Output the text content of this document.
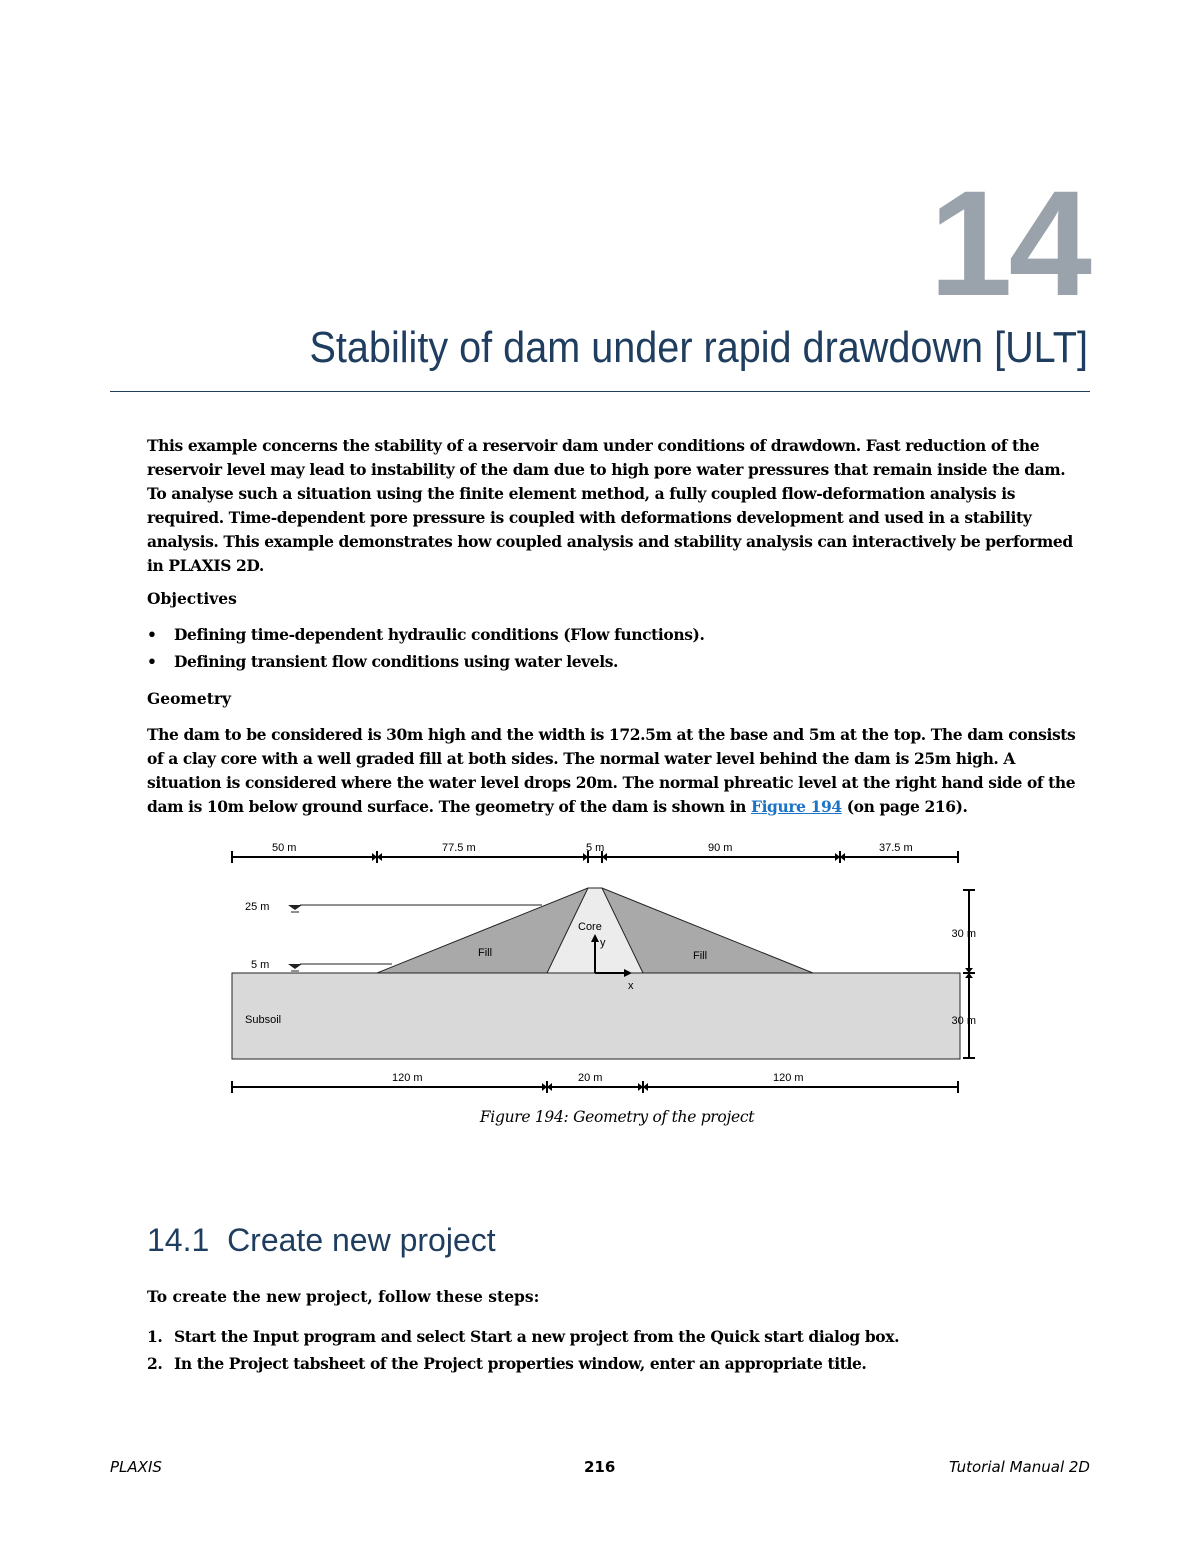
14
Stability of dam under rapid drawdown [ULT]
This example concerns the stability of a reservoir dam under conditions of drawdown. Fast reduction of the reservoir level may lead to instability of the dam due to high pore water pressures that remain inside the dam. To analyse such a situation using the finite element method, a fully coupled flow-deformation analysis is required. Time-dependent pore pressure is coupled with deformations development and used in a stability analysis. This example demonstrates how coupled analysis and stability analysis can interactively be performed in PLAXIS 2D.
Objectives
• Defining time-dependent hydraulic conditions (Flow functions).
• Defining transient flow conditions using water levels.
Geometry
The dam to be considered is 30m high and the width is 172.5m at the base and 5m at the top. The dam consists of a clay core with a well graded fill at both sides. The normal water level behind the dam is 25m high. A situation is considered where the water level drops 20m. The normal phreatic level at the right hand side of the dam is 10m below ground surface. The geometry of the dam is shown in Figure 194 (on page 216).
25 m
5 m
Core
Fill	Fill
Subsoil
y
x
50 m	77.5 m	5 m	90 m	37.5 m
30 m
30 m
120 m	20 m	120 m
Figure 194: Geometry of the project
14.1 Create new project
To create the new project, follow these steps:
1. Start the Input program and select Start a new project from the Quick start dialog box.
2. In the Project tabsheet of the Project properties window, enter an appropriate title.
PLAXIS	216	Tutorial Manual 2D
